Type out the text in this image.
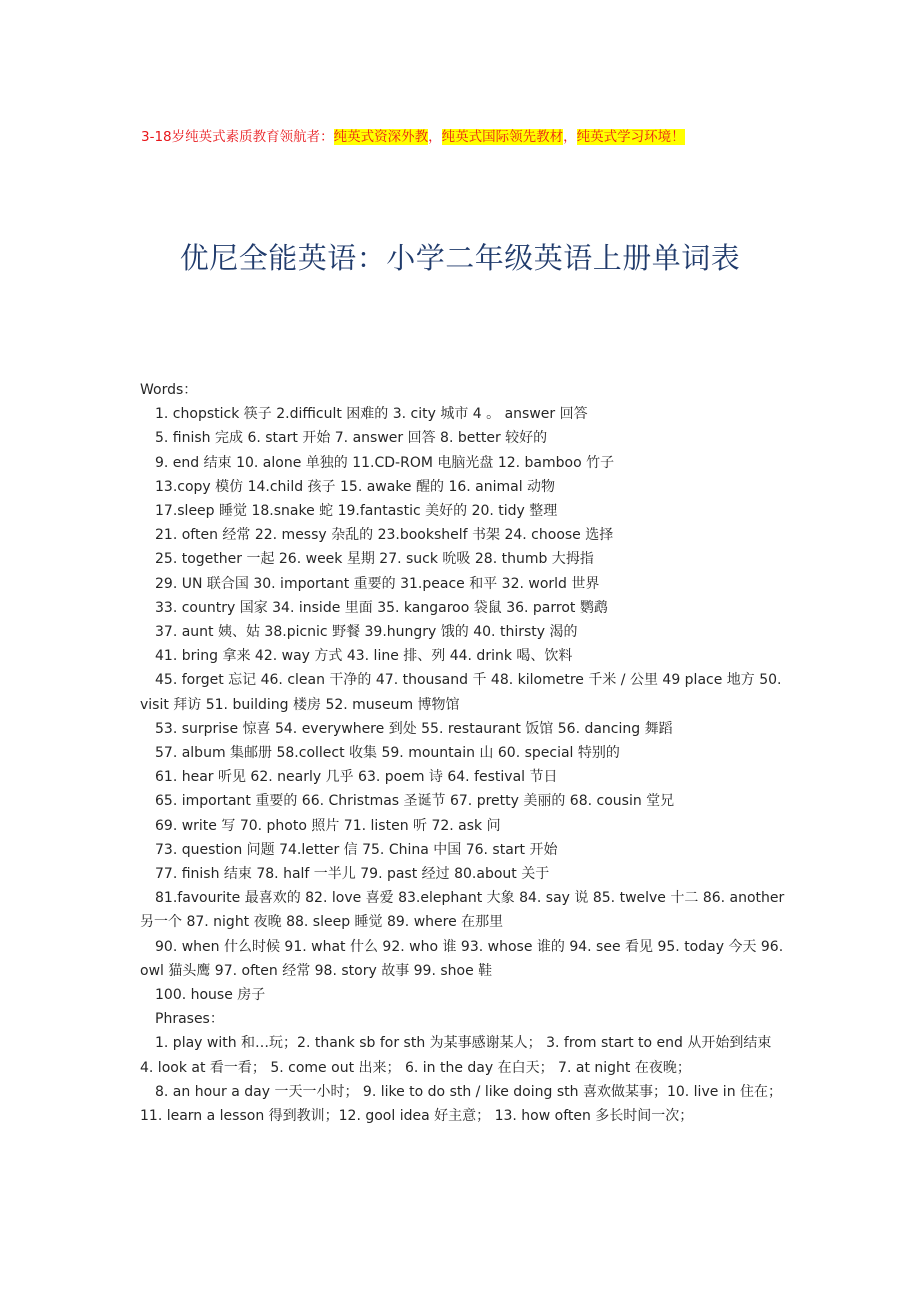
3-18岁纯英式素质教育领航者：纯英式资深外教，纯英式国际领先教材，纯英式学习环境！
优尼全能英语：小学二年级英语上册单词表
Words：
1. chopstick 筷子 2.difficult 困难的 3. city 城市 4 。 answer 回答
5. finish 完成 6. start 开始 7. answer 回答 8. better 较好的
9. end 结束 10. alone 单独的 11.CD-ROM 电脑光盘 12. bamboo 竹子
13.copy 模仿 14.child 孩子 15. awake 醒的 16. animal 动物
17.sleep 睡觉 18.snake 蛇 19.fantastic 美好的 20. tidy 整理
21. often 经常 22. messy 杂乱的 23.bookshelf 书架 24. choose 选择
25. together 一起 26. week 星期 27. suck 吮吸 28. thumb 大拇指
29. UN 联合国 30. important 重要的 31.peace 和平 32. world 世界
33. country 国家 34. inside 里面 35. kangaroo 袋鼠 36. parrot 鹦鹉
37. aunt 姨、姑 38.picnic 野餐 39.hungry 饿的 40. thirsty 渴的
41. bring 拿来 42. way 方式 43. line 排、列 44. drink 喝、饮料
45. forget 忘记 46. clean 干净的 47. thousand 千 48. kilometre 千米 / 公里 49 place 地方 50. visit 拜访 51. building 楼房 52. museum 博物馆
53. surprise 惊喜 54. everywhere 到处 55. restaurant 饭馆 56. dancing 舞蹈
57. album 集邮册 58.collect 收集 59. mountain 山 60. special 特别的
61. hear 听见 62. nearly 几乎 63. poem 诗 64. festival 节日
65. important 重要的 66. Christmas 圣诞节 67. pretty 美丽的 68. cousin 堂兄
69. write 写 70. photo 照片 71. listen 听 72. ask 问
73. question 问题 74.letter 信 75. China 中国 76. start 开始
77. finish 结束 78. half 一半儿 79. past 经过 80.about 关于
81.favourite 最喜欢的 82. love 喜爱 83.elephant 大象 84. say 说 85. twelve 十二 86. another 另一个 87. night 夜晚 88. sleep 睡觉 89. where 在那里
90. when 什么时候 91. what 什么 92. who 谁 93. whose 谁的 94. see 看见 95. today 今天 96. owl 猫头鹰 97. often 经常 98. story 故事 99. shoe 鞋
100. house 房子
Phrases：
1. play with 和…玩；2. thank sb for sth 为某事感谢某人； 3. from start to end 从开始到结束 4. look at 看一看； 5. come out 出来； 6. in the day 在白天； 7. at night 在夜晚；
8. an hour a day 一天一小时； 9. like to do sth / like doing sth 喜欢做某事；10. live in 住在； 11. learn a lesson 得到教训；12. gool idea 好主意； 13. how often 多长时间一次；
